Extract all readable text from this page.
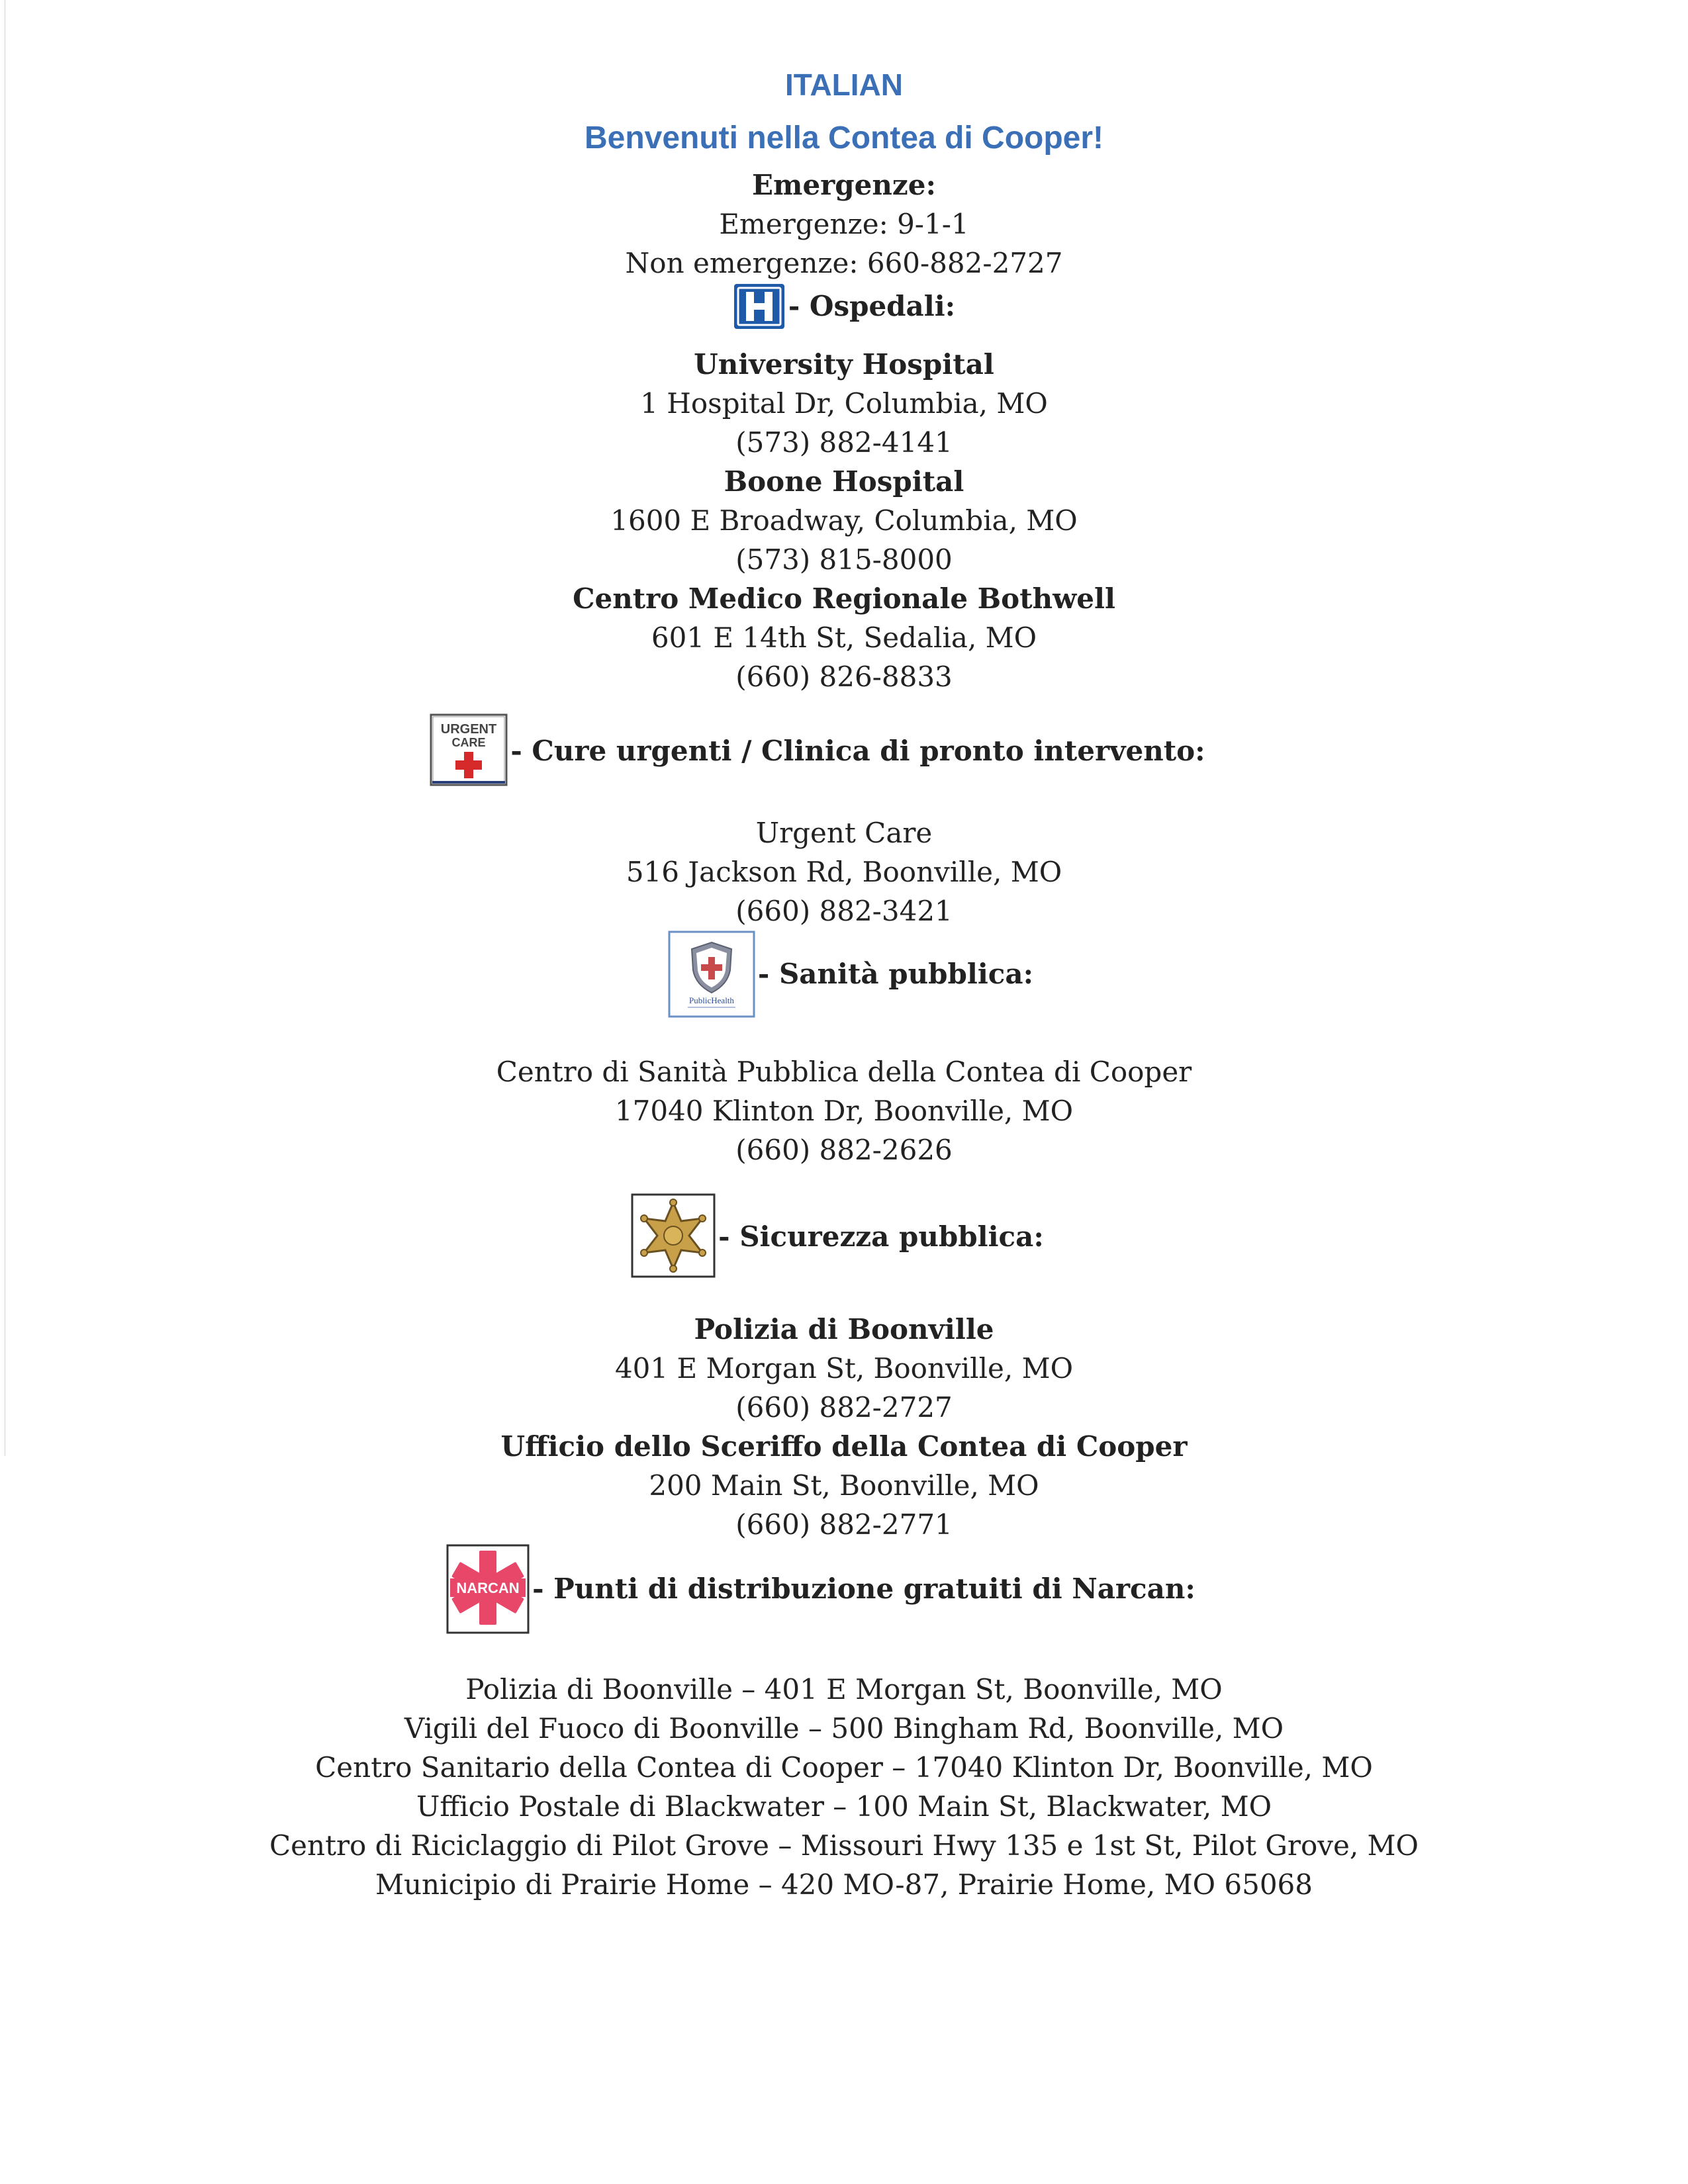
ITALIAN
Benvenuti nella Contea di Cooper!
Emergenze:
Emergenze: 9-1-1
Non emergenze: 660-882-2727
- Ospedali:
University Hospital
1 Hospital Dr, Columbia, MO
(573) 882-4141
Boone Hospital
1600 E Broadway, Columbia, MO
(573) 815-8000
Centro Medico Regionale Bothwell
601 E 14th St, Sedalia, MO
(660) 826-8833
URGENT
CARE - Cure urgenti / Clinica di pronto intervento:
Urgent Care
516 Jackson Rd, Boonville, MO
(660) 882-3421
PublicHealth
- Sanità pubblica:
Centro di Sanità Pubblica della Contea di Cooper
17040 Klinton Dr, Boonville, MO
(660) 882-2626
- Sicurezza pubblica:
Polizia di Boonville
401 E Morgan St, Boonville, MO
(660) 882-2727
Ufficio dello Sceriffo della Contea di Cooper
200 Main St, Boonville, MO
(660) 882-2771
NARCAN - Punti di distribuzione gratuiti di Narcan:
Polizia di Boonville – 401 E Morgan St, Boonville, MO
Vigili del Fuoco di Boonville – 500 Bingham Rd, Boonville, MO
Centro Sanitario della Contea di Cooper – 17040 Klinton Dr, Boonville, MO
Ufficio Postale di Blackwater – 100 Main St, Blackwater, MO
Centro di Riciclaggio di Pilot Grove – Missouri Hwy 135 e 1st St, Pilot Grove, MO
Municipio di Prairie Home – 420 MO-87, Prairie Home, MO 65068
